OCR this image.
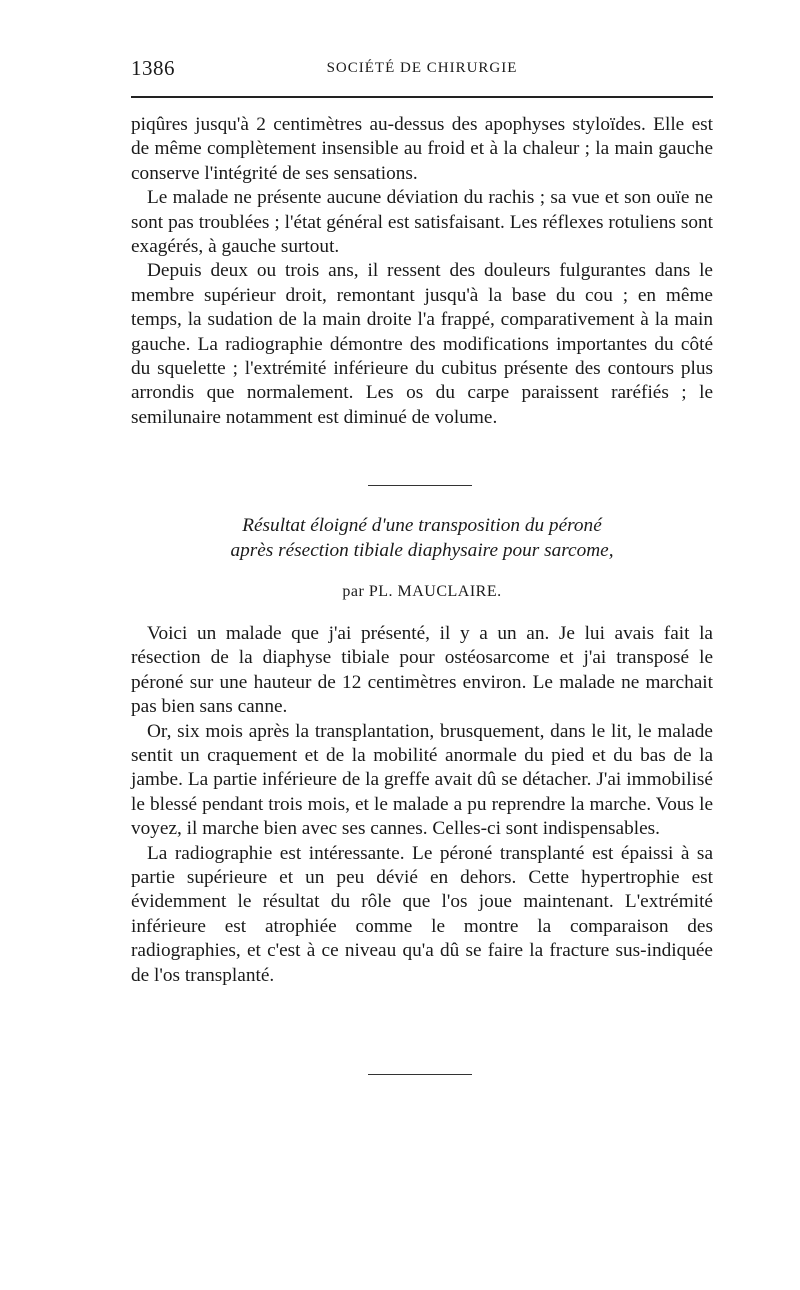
1386	SOCIÉTÉ DE CHIRURGIE

piqûres jusqu'à 2 centimètres au-dessus des apophyses styloïdes. Elle est de même complètement insensible au froid et à la chaleur ; la main gauche conserve l'intégrité de ses sensations.

Le malade ne présente aucune déviation du rachis ; sa vue et son ouïe ne sont pas troublées ; l'état général est satisfaisant. Les réflexes rotuliens sont exagérés, à gauche surtout.

Depuis deux ou trois ans, il ressent des douleurs fulgurantes dans le membre supérieur droit, remontant jusqu'à la base du cou ; en même temps, la sudation de la main droite l'a frappé, comparativement à la main gauche. La radiographie démontre des modifications importantes du côté du squelette ; l'extrémité inférieure du cubitus présente des contours plus arrondis que normalement. Les os du carpe paraissent raréfiés ; le semilunaire notamment est diminué de volume.

Résultat éloigné d'une transposition du péroné
après résection tibiale diaphysaire pour sarcome,
par PL. MAUCLAIRE.

Voici un malade que j'ai présenté, il y a un an. Je lui avais fait la résection de la diaphyse tibiale pour ostéosarcome et j'ai transposé le péroné sur une hauteur de 12 centimètres environ. Le malade ne marchait pas bien sans canne.

Or, six mois après la transplantation, brusquement, dans le lit, le malade sentit un craquement et de la mobilité anormale du pied et du bas de la jambe. La partie inférieure de la greffe avait dû se détacher. J'ai immobilisé le blessé pendant trois mois, et le malade a pu reprendre la marche. Vous le voyez, il marche bien avec ses cannes. Celles-ci sont indispensables.

La radiographie est intéressante. Le péroné transplanté est épaissi à sa partie supérieure et un peu dévié en dehors. Cette hypertrophie est évidemment le résultat du rôle que l'os joue maintenant. L'extrémité inférieure est atrophiée comme le montre la comparaison des radiographies, et c'est à ce niveau qu'a dû se faire la fracture sus-indiquée de l'os transplanté.
